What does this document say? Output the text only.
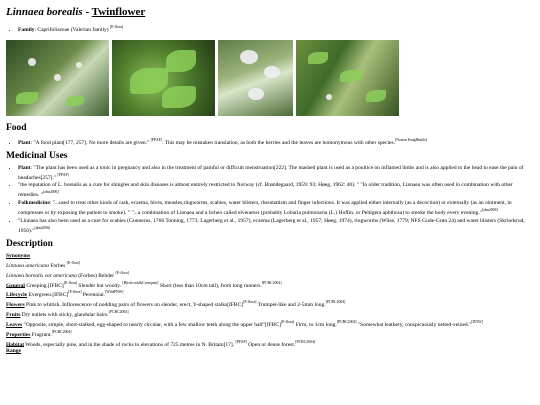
Linnaea borealis - Twinflower
• Family: Caprifoliaceae (Valerian family) [E-flora]
Food
• Plant: "A food plant[177, 257]. No more details are given." [PFAF]. This may be mistaken translation, as both the berries and the leaves are homonymous with other species.[Norton KnigHinkle]
Medicinal Uses
• Plant: "The plant has been used as a tonic in pregnancy and also in the treatment of painful or difficult menstruation[222]. The mashed plant is used as a poultice on inflamed limbs and is also applied to the head to ease the pain of headaches[257]." [PFAF]
• "the reputation of L. borealis as a cure for shingles and skin diseases is almost entirely restricted to Norway (cf. Brøndegaard, 1959: 93; Høeg, 1962: 40). " "In older tradition, Linnaea was often used in combination with other remedies. "[alm2006]
• Folkmedicine: "...used to treat other kinds of rash, eczema, hives, measles,ringworms, scabies, water blisters, rheumatism and finger infections. It was applied either internally (as a decoction) or externally (as an ointment, in compresses or by exposing the patient to smoke). " "...a combination of Linnaea and a lichen called elvenøver (probably Lobaria pulmonaria (L.) Hoffm. or Peltigera aphthosa) to smoke the body every evening."[alm2006]
• "Linnaea has also been used as a cure for scabies (Gunnerus, 1766 Tonning, 1773; Lagerberg et al., 1957), eczema (Lagerberg et al., 1957; Høeg, 1974), ringworms (Wilse, 1779; NFS Gude-Grøn 24) and water blisters (Skrindsrud, 1956)."[alm2006]
Description

Synonyms

Linnaea americana Forbes [E-flora]

Linnaea borealis var americana (Forbes) Rehder [E-flora]

General Creeping.[IFBC][E-flora] Slender but woody. [Hitchcock&Cronquist] Short (less than 10cm tall), from long runners.[PCBC2004]

Lifecycle Evergreen.[IFBC][E-flora] Perennial.[WildPNW]

Flowers Pink to whitish. Inflorescence of nodding pairs of flowers on slender, erect, Y-shaped stalks[IFBC][E-flora] Trumpet-like and 2-5mm long.[PCBC2004]

Fruits Dry nutlets with sticky, glandular hairs.[PCBC2004]

Leaves "Opposite, simple, short-stalked, egg-shaped to nearly circular, with a few shallow teeth along the upper half"[IFBC][E-flora] Firm, to 1cm long.[PCBC2004] "Somewhat leathery, conspicuously netted-veined."[DNW]

Properties Fragrant.[PCBC2004]

Habitat Woods, especially pine, and in the shade of rocks to elevations of 725 metres in N. Britain[17]. [PFAF] Open or dense forest.[PCBC2004]

Range
